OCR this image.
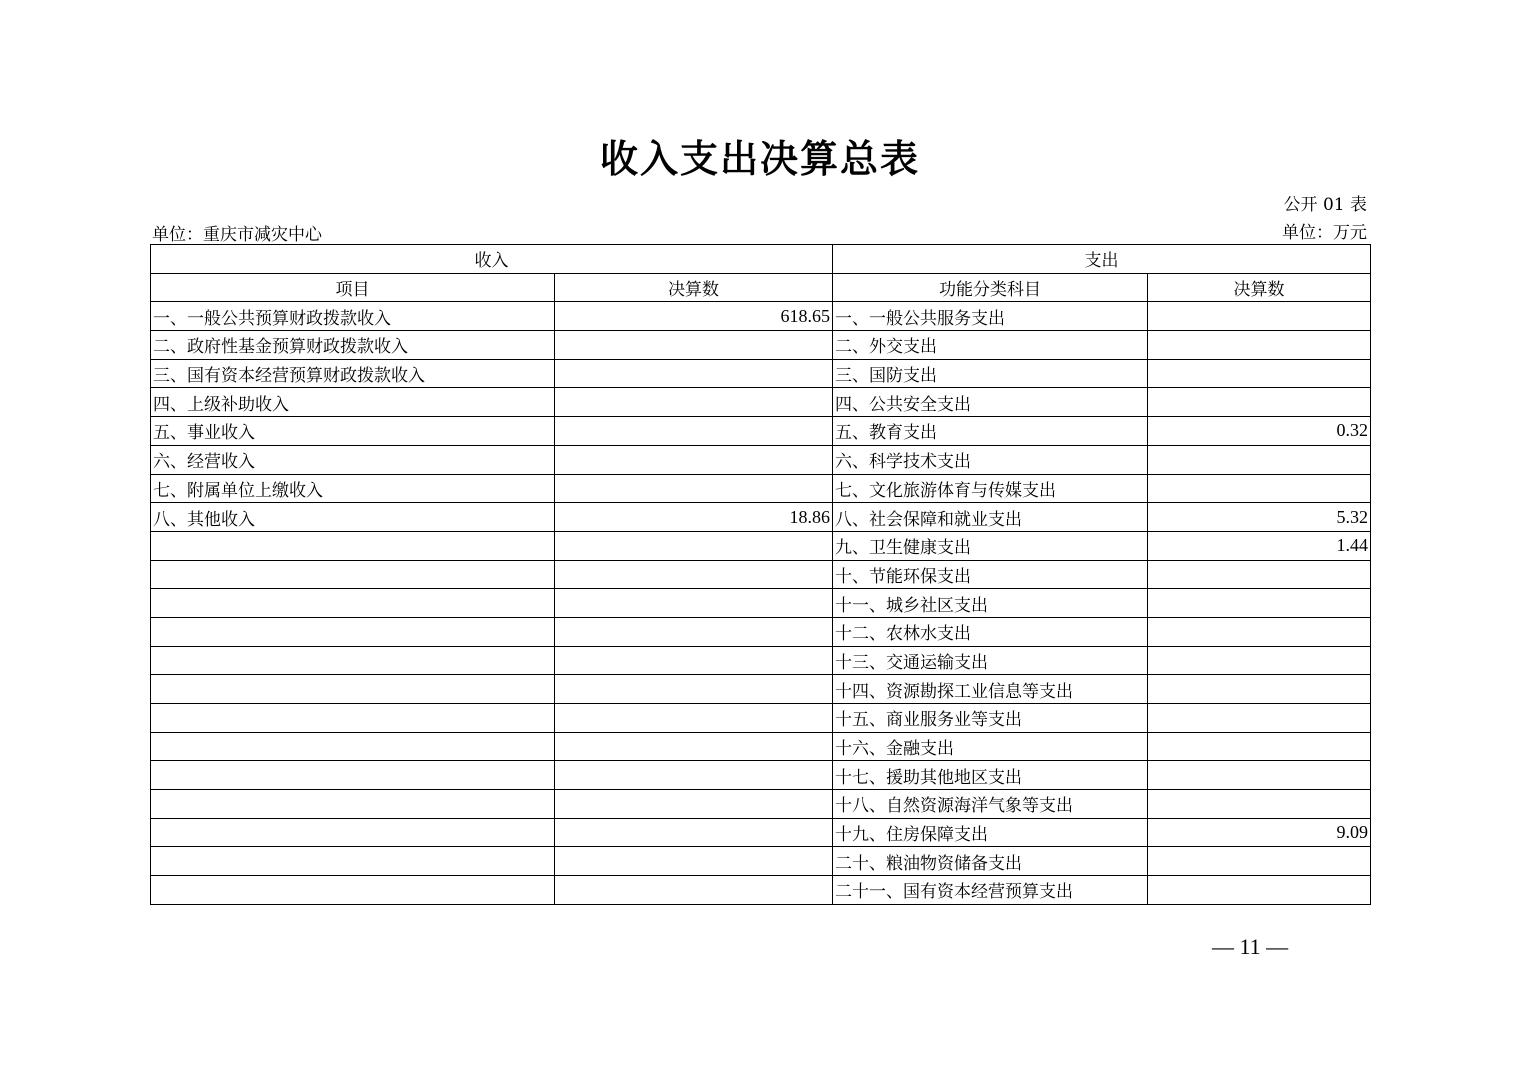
收入支出决算总表
公开 01 表
单位：重庆市减灾中心	单位：万元
收入		支出	
项目	决算数	功能分类科目	决算数
一、一般公共预算财政拨款收入	618.65	一、一般公共服务支出	
二、政府性基金预算财政拨款收入		二、外交支出	
三、国有资本经营预算财政拨款收入		三、国防支出	
四、上级补助收入		四、公共安全支出	
五、事业收入		五、教育支出	0.32
六、经营收入		六、科学技术支出	
七、附属单位上缴收入		七、文化旅游体育与传媒支出	
八、其他收入	18.86	八、社会保障和就业支出	5.32
		九、卫生健康支出	1.44
		十、节能环保支出	
		十一、城乡社区支出	
		十二、农林水支出	
		十三、交通运输支出	
		十四、资源勘探工业信息等支出	
		十五、商业服务业等支出	
		十六、金融支出	
		十七、援助其他地区支出	
		十八、自然资源海洋气象等支出	
		十九、住房保障支出	9.09
		二十、粮油物资储备支出	
		二十一、国有资本经营预算支出	
— 11 —
